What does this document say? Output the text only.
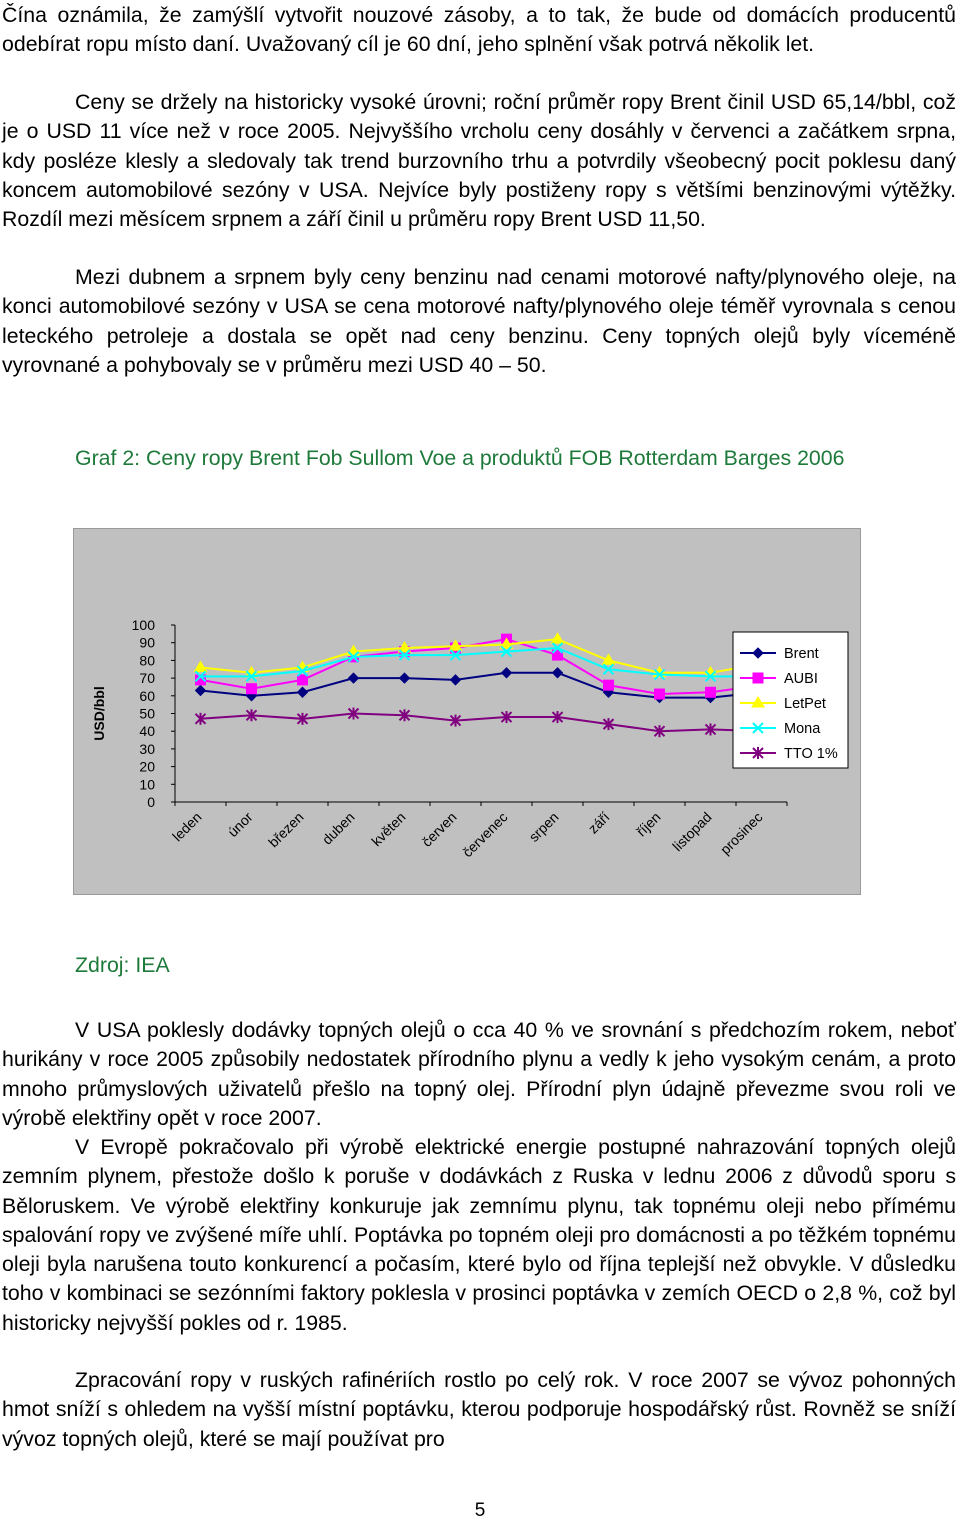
Čína oznámila, že zamýšlí vytvořit nouzové zásoby, a to tak, že bude od domácích producentů odebírat ropu místo daní. Uvažovaný cíl je 60 dní, jeho splnění však potrvá několik let.

Ceny se držely na historicky vysoké úrovni; roční průměr ropy Brent činil USD 65,14/bbl, což je o USD 11 více než v roce 2005. Nejvyššího vrcholu ceny dosáhly v červenci a začátkem srpna, kdy posléze klesly a sledovaly tak trend burzovního trhu a potvrdily všeobecný pocit poklesu daný koncem automobilové sezóny v USA. Nejvíce byly postiženy ropy s většími benzinovými výtěžky. Rozdíl mezi měsícem srpnem a září činil u průměru ropy Brent USD 11,50.

Mezi dubnem a srpnem byly ceny benzinu nad cenami motorové nafty/plynového oleje, na konci automobilové sezóny v USA se cena motorové nafty/plynového oleje téměř vyrovnala s cenou leteckého petroleje a dostala se opět nad ceny benzinu. Ceny topných olejů byly víceméně vyrovnané a pohybovaly se v průměru mezi USD 40 – 50.

Graf 2: Ceny ropy Brent Fob Sullom Voe a produktů FOB Rotterdam Barges 2006

0
10
20
30
40
50
60
70
80
90
100
leden únor březen duben květen červen červenec srpen září říjen listopad prosinec
USD/bbl
Brent
AUBI
LetPet
Mona
TTO 1%

Zdroj: IEA

V USA poklesly dodávky topných olejů o cca 40 % ve srovnání s předchozím rokem, neboť hurikány v roce 2005 způsobily nedostatek přírodního plynu a vedly k jeho vysokým cenám, a proto mnoho průmyslových uživatelů přešlo na topný olej. Přírodní plyn údajně převezme svou roli ve výrobě elektřiny opět v roce 2007.

V Evropě pokračovalo při výrobě elektrické energie postupné nahrazování topných olejů zemním plynem, přestože došlo k poruše v dodávkách z Ruska v lednu 2006 z důvodů sporu s Běloruskem. Ve výrobě elektřiny konkuruje jak zemnímu plynu, tak topnému oleji nebo přímému spalování ropy ve zvýšené míře uhlí. Poptávka po topném oleji pro domácnosti a po těžkém topnému oleji byla narušena touto konkurencí a počasím, které bylo od října teplejší než obvykle. V důsledku toho v kombinaci se sezónními faktory poklesla v prosinci poptávka v zemích OECD o 2,8 %, což byl historicky nejvyšší pokles od r. 1985.

Zpracování ropy v ruských rafinériích rostlo po celý rok. V roce 2007 se vývoz pohonných hmot sníží s ohledem na vyšší místní poptávku, kterou podporuje hospodářský růst. Rovněž se sníží vývoz topných olejů, které se mají používat pro

5
